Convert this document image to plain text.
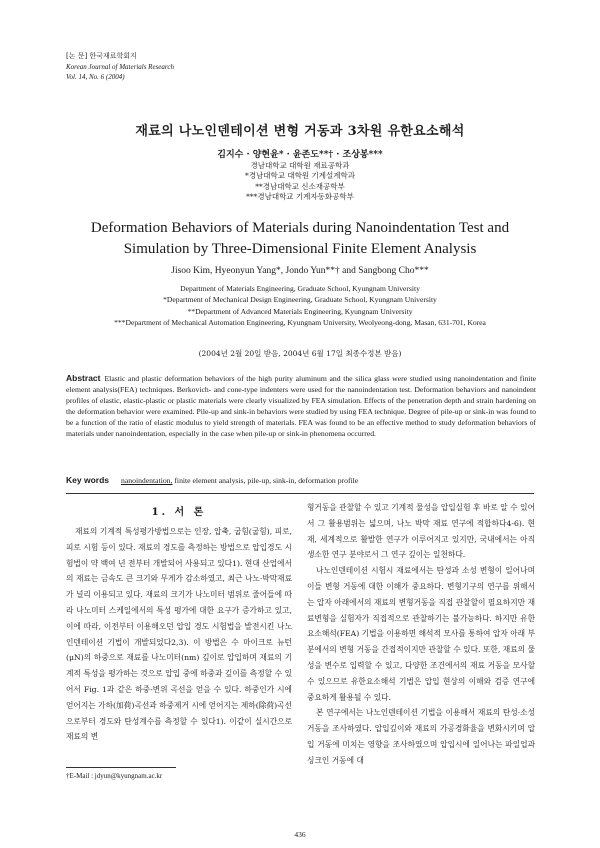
[논 문] 한국재료학회지
Korean Journal of Materials Research
Vol. 14, No. 6 (2004)
재료의 나노인덴테이션 변형 거동과 3차원 유한요소해석
김지수 · 양현윤* · 윤존도**† · 조상봉***
경남대학교 대학원 재료공학과
*경남대학교 대학원 기계설계학과
**경남대학교 신소재공학부
***경남대학교 기계자동화공학부
Deformation Behaviors of Materials during Nanoindentation Test and
Simulation by Three-Dimensional Finite Element Analysis
Jisoo Kim, Hyeonyun Yang*, Jondo Yun**† and Sangbong Cho***
Department of Materials Engineering, Graduate School, Kyungnam University
*Department of Mechanical Design Engineering, Graduate School, Kyungnam University
**Department of Advanced Materials Engineering, Kyungnam University
***Department of Mechanical Automation Engineering, Kyungnam University, Weolyeong-dong, Masan, 631-701, Korea
(2004년 2월 20일 받음, 2004년 6월 17일 최종수정본 받음)
Abstract Elastic and plastic deformation behaviors of the high purity aluminum and the silica glass were studied using nanoindentation and finite element analysis(FEA) techniques. Berkovich- and cone-type indenters were used for the nanoindentation test. Deformation behaviors and nanoindent profiles of elastic, elastic-plastic or plastic materials were clearly visualized by FEA simulation. Effects of the penetration depth and strain hardening on the deformation behavior were examined. Pile-up and sink-in behaviors were studied by using FEA technique. Degree of pile-up or sink-in was found to be a function of the ratio of elastic modulus to yield strength of materials. FEA was found to be an effective method to study deformation behaviors of materials under nanoindentation, especially in the case when pile-up or sink-in phenomena occurred.
Key words nanoindentation, finite element analysis, pile-up, sink-in, deformation profile
1. 서 론

재료의 기계적 특성평가방법으로는 인장, 압축, 굽힘(굽힘), 피로, 피로 시험 등이 있다. 재료의 경도를 측정하는 방법으로 압입경도 시험법이 약 백여 년 전부터 개발되어 사용되고 있다1). 현대 산업에서의 재료는 금속도 큰 크기와 무게가 감소하였고, 최근 나노·박막재료가 널리 이용되고 있다. 재료의 크기가 나노미터 범위로 줄어들에 따라 나노미터 스케일에서의 특성 평가에 대한 요구가 증가하고 있고, 이에 따라, 이전부터 이용해오던 압입 경도 시험법을 발전시킨 나노인덴테이션 기법이 개발되었다2,3). 이 방법은 수 마이크로 뉴턴(μN)의 하중으로 재료를 나노미터(nm) 깊이로 압입하며 재료의 기계적 특성을 평가하는 것으로 압입 중에 하중과 깊이를 측정할 수 있어서 Fig. 1과 같은 하중-변위 곡선을 얻을 수 있다. 하중인가 시에 얻어지는 가하(加荷)곡선과 하중제거 시에 얻어지는 제하(除荷)곡선으로부터 경도와 탄성계수를 측정할 수 있다1). 이같이 실시간으로 재료의 변

형거동을 관찰할 수 있고 기계적 물성을 압입실험 후 바로 알 수 있어서 그 활용범위는 넓으며, 나노 박막 재료 연구에 적합하다4-6). 현재, 세계적으로 활발한 연구가 이루어지고 있지만, 국내에서는 아직 생소한 연구 분야로서 그 연구 깊이는 일천하다.

나노인덴테이션 시험시 재료에서는 탄성과 소성 변형이 일어나며 이들 변형 거동에 대한 이해가 중요하다. 변형기구의 연구를 위해서는 압자 아래에서의 재료의 변형거동을 직접 관찰할이 필요하지만 재료변형을 실험자가 직접적으로 관찰하기는 불가능하다. 하지만 유한요소해석(FEA) 기법을 이용하면 해석적 모사를 통하여 압자 아래 부분에서의 변형 거동을 간접적이지만 관찰할 수 있다. 또한, 재료의 물성을 변수로 입력할 수 있고, 다양한 조건에서의 재료 거동을 모사할 수 있으므로 유한요소해석 기법은 압입 현상의 이해와 검증 연구에 중요하게 활용될 수 있다.

본 연구에서는 나노인덴테이션 기법을 이용해서 재료의 탄성·소성거동을 조사하였다. 압입깊이와 재료의 가공경화율을 변화시키며 압입 거동에 미치는 영향을 조사하였으며 압입시에 일어나는 파일업과 싱크인 거동에 대

†E-Mail : jdyun@kyungnam.ac.kr
436
